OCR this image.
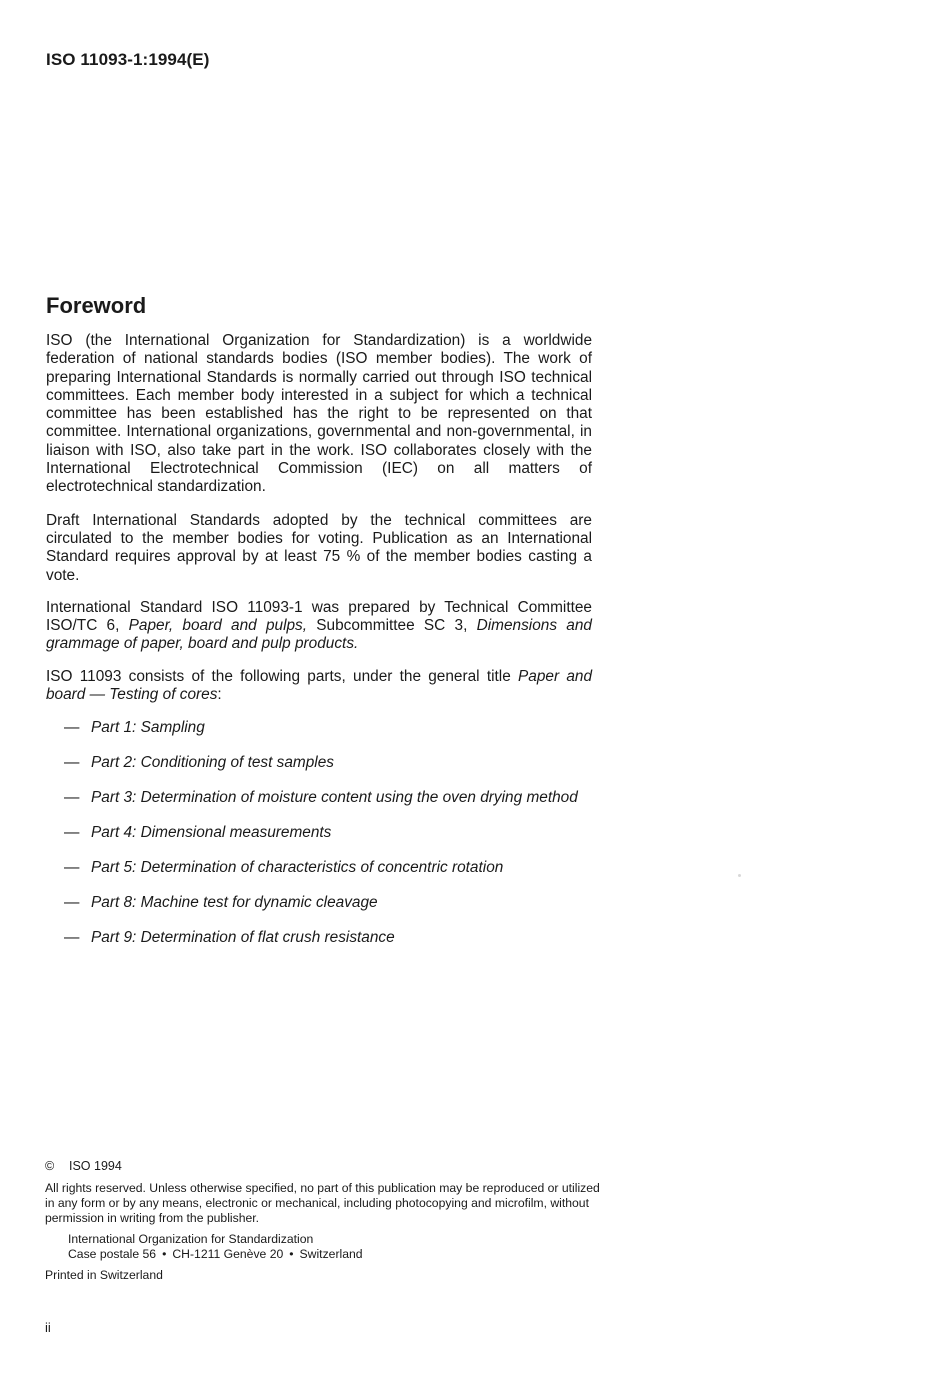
ISO 11093-1:1994(E)
Foreword

ISO (the International Organization for Standardization) is a worldwide federation of national standards bodies (ISO member bodies). The work of preparing International Standards is normally carried out through ISO technical committees. Each member body interested in a subject for which a technical committee has been established has the right to be represented on that committee. International organizations, governmental and non-governmental, in liaison with ISO, also take part in the work. ISO collaborates closely with the International Electrotechnical Commission (IEC) on all matters of electrotechnical standardization.

Draft International Standards adopted by the technical committees are circulated to the member bodies for voting. Publication as an International Standard requires approval by at least 75 % of the member bodies casting a vote.

International Standard ISO 11093-1 was prepared by Technical Committee ISO/TC 6, Paper, board and pulps, Subcommittee SC 3, Dimensions and grammage of paper, board and pulp products.

ISO 11093 consists of the following parts, under the general title Paper and board — Testing of cores:

— Part 1: Sampling
— Part 2: Conditioning of test samples
— Part 3: Determination of moisture content using the oven drying method
— Part 4: Dimensional measurements
— Part 5: Determination of characteristics of concentric rotation
— Part 8: Machine test for dynamic cleavage
— Part 9: Determination of flat crush resistance

© ISO 1994

All rights reserved. Unless otherwise specified, no part of this publication may be reproduced or utilized in any form or by any means, electronic or mechanical, including photocopying and microfilm, without permission in writing from the publisher.

International Organization for Standardization
Case postale 56 • CH-1211 Genève 20 • Switzerland

Printed in Switzerland

ii
